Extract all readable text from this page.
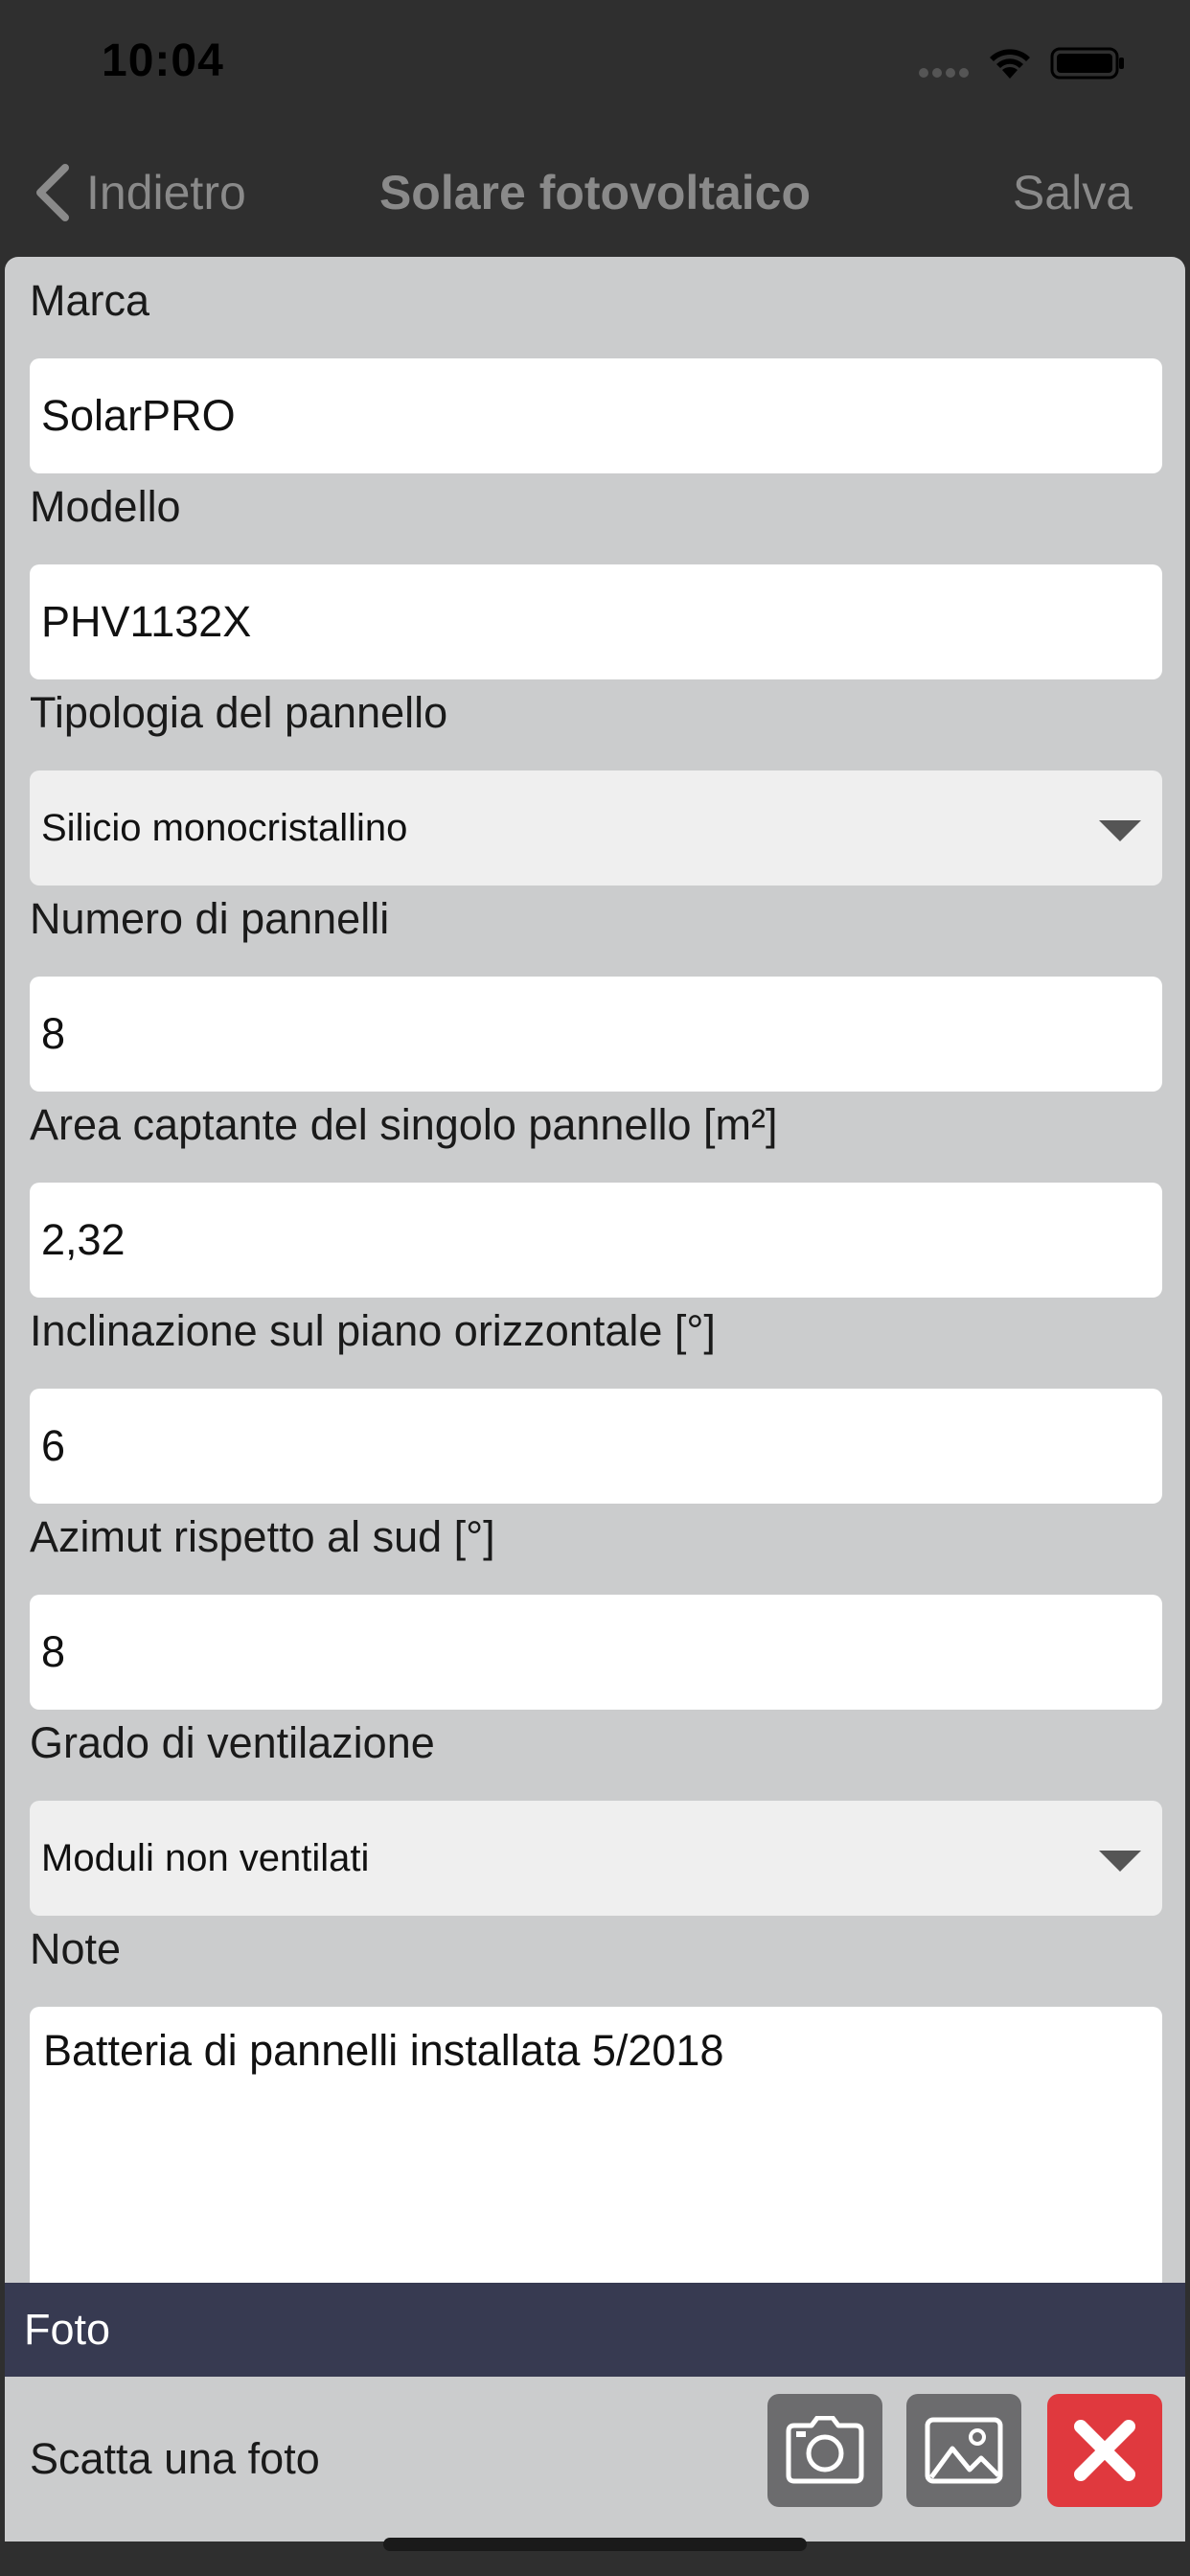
10:04
Indietro	Solare fotovoltaico	Salva
Marca
SolarPRO
Modello
PHV1132X
Tipologia del pannello
Silicio monocristallino
Numero di pannelli
8
Area captante del singolo pannello [m²]
2,32
Inclinazione sul piano orizzontale [°]
6
Azimut rispetto al sud [°]
8
Grado di ventilazione
Moduli non ventilati
Note
Batteria di pannelli installata 5/2018
Foto
Scatta una foto
